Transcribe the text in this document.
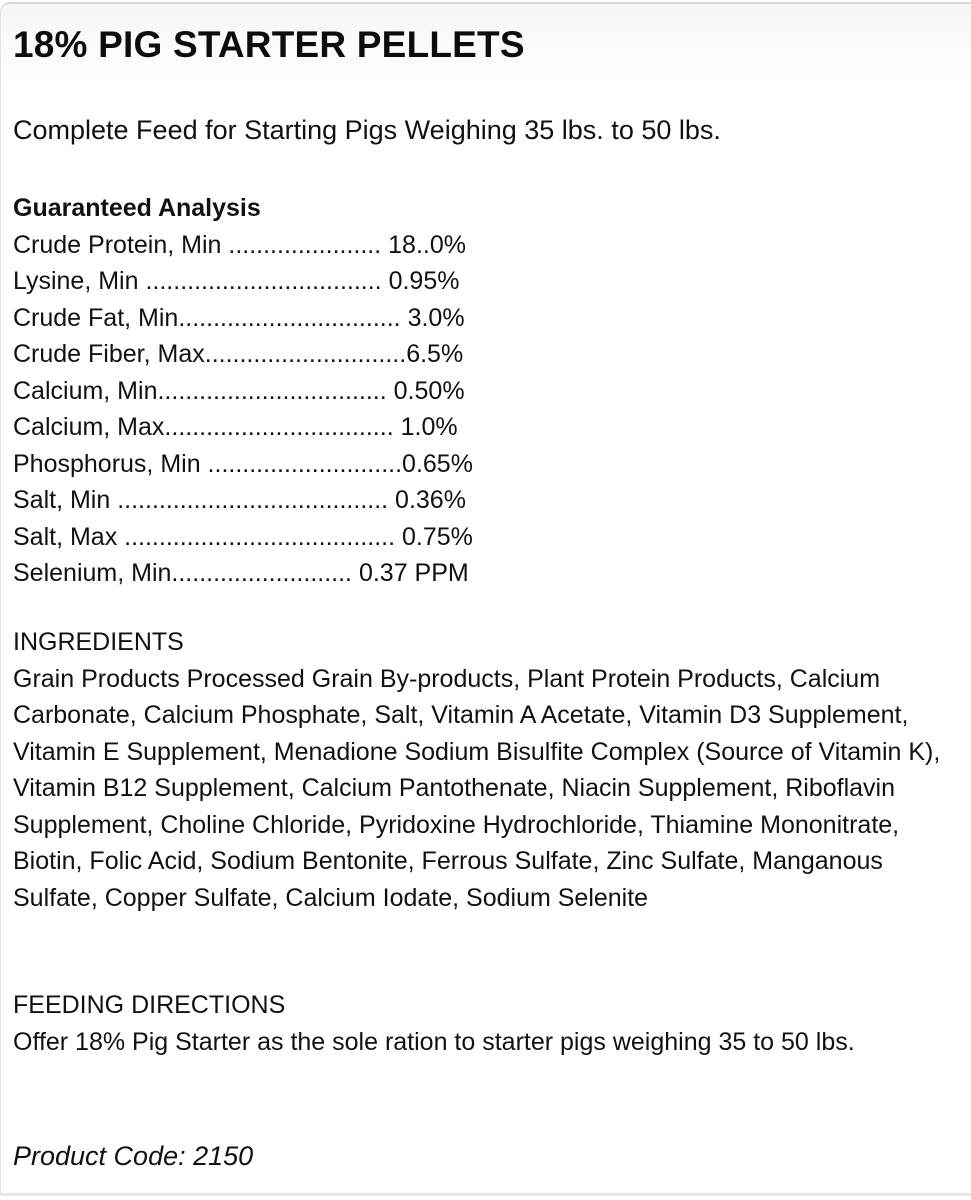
18% PIG STARTER PELLETS
Complete Feed for Starting Pigs Weighing 35 lbs. to 50 lbs.
Guaranteed Analysis
Crude Protein, Min ...................... 18..0%
Lysine, Min .................................. 0.95%
Crude Fat, Min................................ 3.0%
Crude Fiber, Max.............................6.5%
Calcium, Min................................. 0.50%
Calcium, Max................................. 1.0%
Phosphorus, Min ............................0.65%
Salt, Min ....................................... 0.36%
Salt, Max ....................................... 0.75%
Selenium, Min.......................... 0.37 PPM
INGREDIENTS
Grain Products Processed Grain By-products, Plant Protein Products, Calcium Carbonate, Calcium Phosphate, Salt, Vitamin A Acetate, Vitamin D3 Supplement, Vitamin E Supplement, Menadione Sodium Bisulfite Complex (Source of Vitamin K), Vitamin B12 Supplement, Calcium Pantothenate, Niacin Supplement, Riboflavin Supplement, Choline Chloride, Pyridoxine Hydrochloride, Thiamine Mononitrate, Biotin, Folic Acid, Sodium Bentonite, Ferrous Sulfate, Zinc Sulfate, Manganous Sulfate, Copper Sulfate, Calcium Iodate, Sodium Selenite
FEEDING DIRECTIONS
Offer 18% Pig Starter as the sole ration to starter pigs weighing 35 to 50 lbs.
Product Code: 2150
